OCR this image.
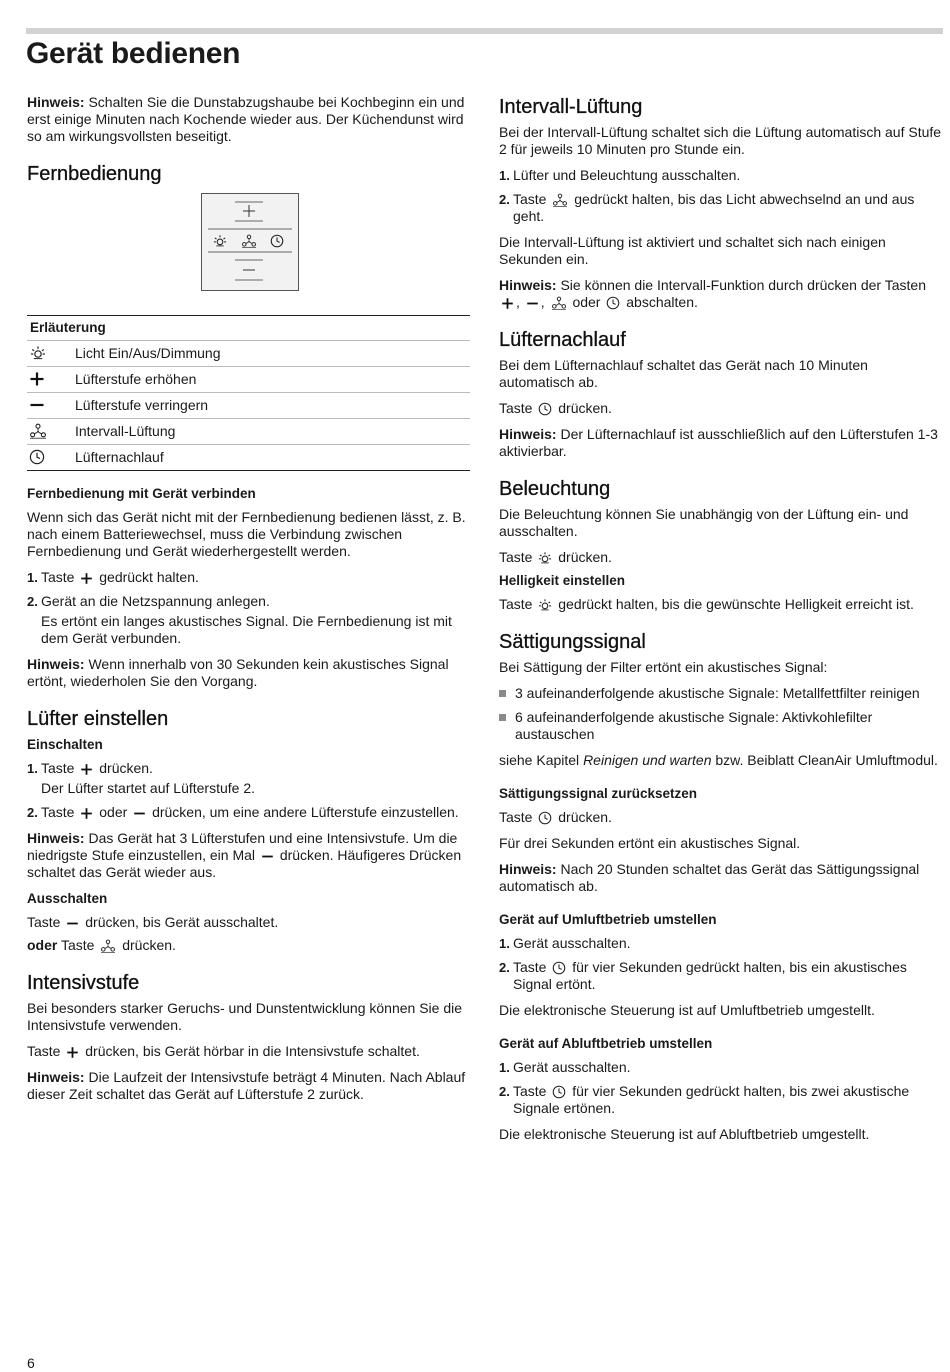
Gerät bedienen

Hinweis: Schalten Sie die Dunstabzugshaube bei Kochbeginn ein und erst einige Minuten nach Kochende wieder aus. Der Küchendunst wird so am wirkungsvollsten beseitigt.

Fernbedienung
Erläuterung
Licht Ein/Aus/Dimmung
Lüfterstufe erhöhen
Lüfterstufe verringern
Intervall-Lüftung
Lüfternachlauf
Fernbedienung mit Gerät verbinden

Wenn sich das Gerät nicht mit der Fernbedienung bedienen lässt, z. B. nach einem Batteriewechsel, muss die Verbindung zwischen Fernbedienung und Gerät wiederhergestellt werden.

1. Taste gedrückt halten.
2. Gerät an die Netzspannung anlegen.
Es ertönt ein langes akustisches Signal. Die Fernbedienung ist mit dem Gerät verbunden.

Hinweis: Wenn innerhalb von 30 Sekunden kein akustisches Signal ertönt, wiederholen Sie den Vorgang.

Lüfter einstellen
Einschalten
1. Taste drücken.
Der Lüfter startet auf Lüfterstufe 2.
2. Taste oder drücken, um eine andere Lüfterstufe einzustellen.

Hinweis: Das Gerät hat 3 Lüfterstufen und eine Intensivstufe. Um die niedrigste Stufe einzustellen, ein Mal drücken. Häufigeres Drücken schaltet das Gerät wieder aus.

Ausschalten

Taste drücken, bis Gerät ausschaltet.

oder Taste drücken.

Intensivstufe

Bei besonders starker Geruchs- und Dunstentwicklung können Sie die Intensivstufe verwenden.

Taste drücken, bis Gerät hörbar in die Intensivstufe schaltet.

Hinweis: Die Laufzeit der Intensivstufe beträgt 4 Minuten. Nach Ablauf dieser Zeit schaltet das Gerät auf Lüfterstufe 2 zurück.

Intervall-Lüftung

Bei der Intervall-Lüftung schaltet sich die Lüftung automatisch auf Stufe 2 für jeweils 10 Minuten pro Stunde ein.

1. Lüfter und Beleuchtung ausschalten.
2. Taste gedrückt halten, bis das Licht abwechselnd an und aus geht.

Die Intervall-Lüftung ist aktiviert und schaltet sich nach einigen Sekunden ein.

Hinweis: Sie können die Intervall-Funktion durch drücken der Tasten , , oder abschalten.

Lüfternachlauf

Bei dem Lüfternachlauf schaltet das Gerät nach 10 Minuten automatisch ab.

Taste drücken.

Hinweis: Der Lüfternachlauf ist ausschließlich auf den Lüfterstufen 1-3 aktivierbar.

Beleuchtung

Die Beleuchtung können Sie unabhängig von der Lüftung ein- und ausschalten.

Taste drücken.

Helligkeit einstellen

Taste gedrückt halten, bis die gewünschte Helligkeit erreicht ist.

Sättigungssignal

Bei Sättigung der Filter ertönt ein akustisches Signal:

3 aufeinanderfolgende akustische Signale: Metallfettfilter reinigen
6 aufeinanderfolgende akustische Signale: Aktivkohlefilter austauschen

siehe Kapitel Reinigen und warten bzw. Beiblatt CleanAir Umluftmodul.

Sättigungssignal zurücksetzen

Taste drücken.

Für drei Sekunden ertönt ein akustisches Signal.

Hinweis: Nach 20 Stunden schaltet das Gerät das Sättigungssignal automatisch ab.

Gerät auf Umluftbetrieb umstellen
1. Gerät ausschalten.
2. Taste für vier Sekunden gedrückt halten, bis ein akustisches Signal ertönt.

Die elektronische Steuerung ist auf Umluftbetrieb umgestellt.

Gerät auf Abluftbetrieb umstellen
1. Gerät ausschalten.
2. Taste für vier Sekunden gedrückt halten, bis zwei akustische Signale ertönen.

Die elektronische Steuerung ist auf Abluftbetrieb umgestellt.

6
